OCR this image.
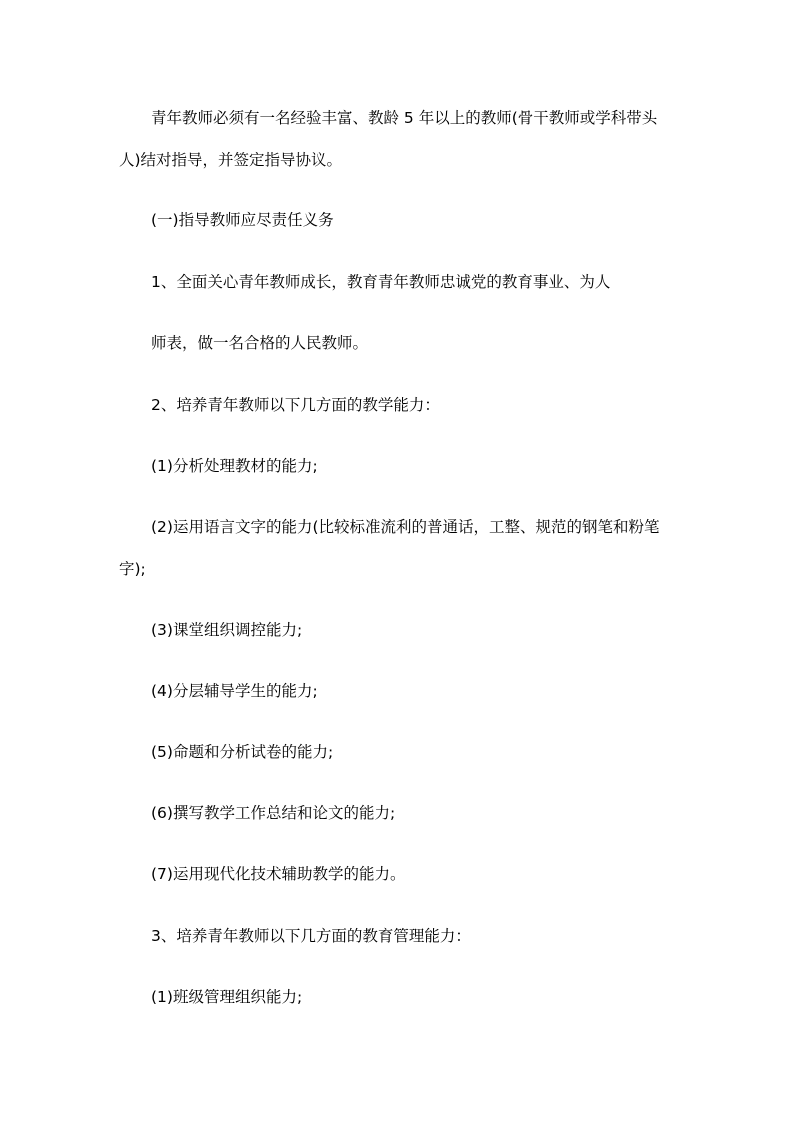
青年教师必须有一名经验丰富、教龄 5 年以上的教师(骨干教师或学科带头
人)结对指导，并签定指导协议。
(一)指导教师应尽责任义务
1、全面关心青年教师成长，教育青年教师忠诚党的教育事业、为人
师表，做一名合格的人民教师。
2、培养青年教师以下几方面的教学能力：
(1)分析处理教材的能力;
(2)运用语言文字的能力(比较标准流利的普通话，工整、规范的钢笔和粉笔
字);
(3)课堂组织调控能力;
(4)分层辅导学生的能力;
(5)命题和分析试卷的能力;
(6)撰写教学工作总结和论文的能力;
(7)运用现代化技术辅助教学的能力。
3、培养青年教师以下几方面的教育管理能力：
(1)班级管理组织能力;
